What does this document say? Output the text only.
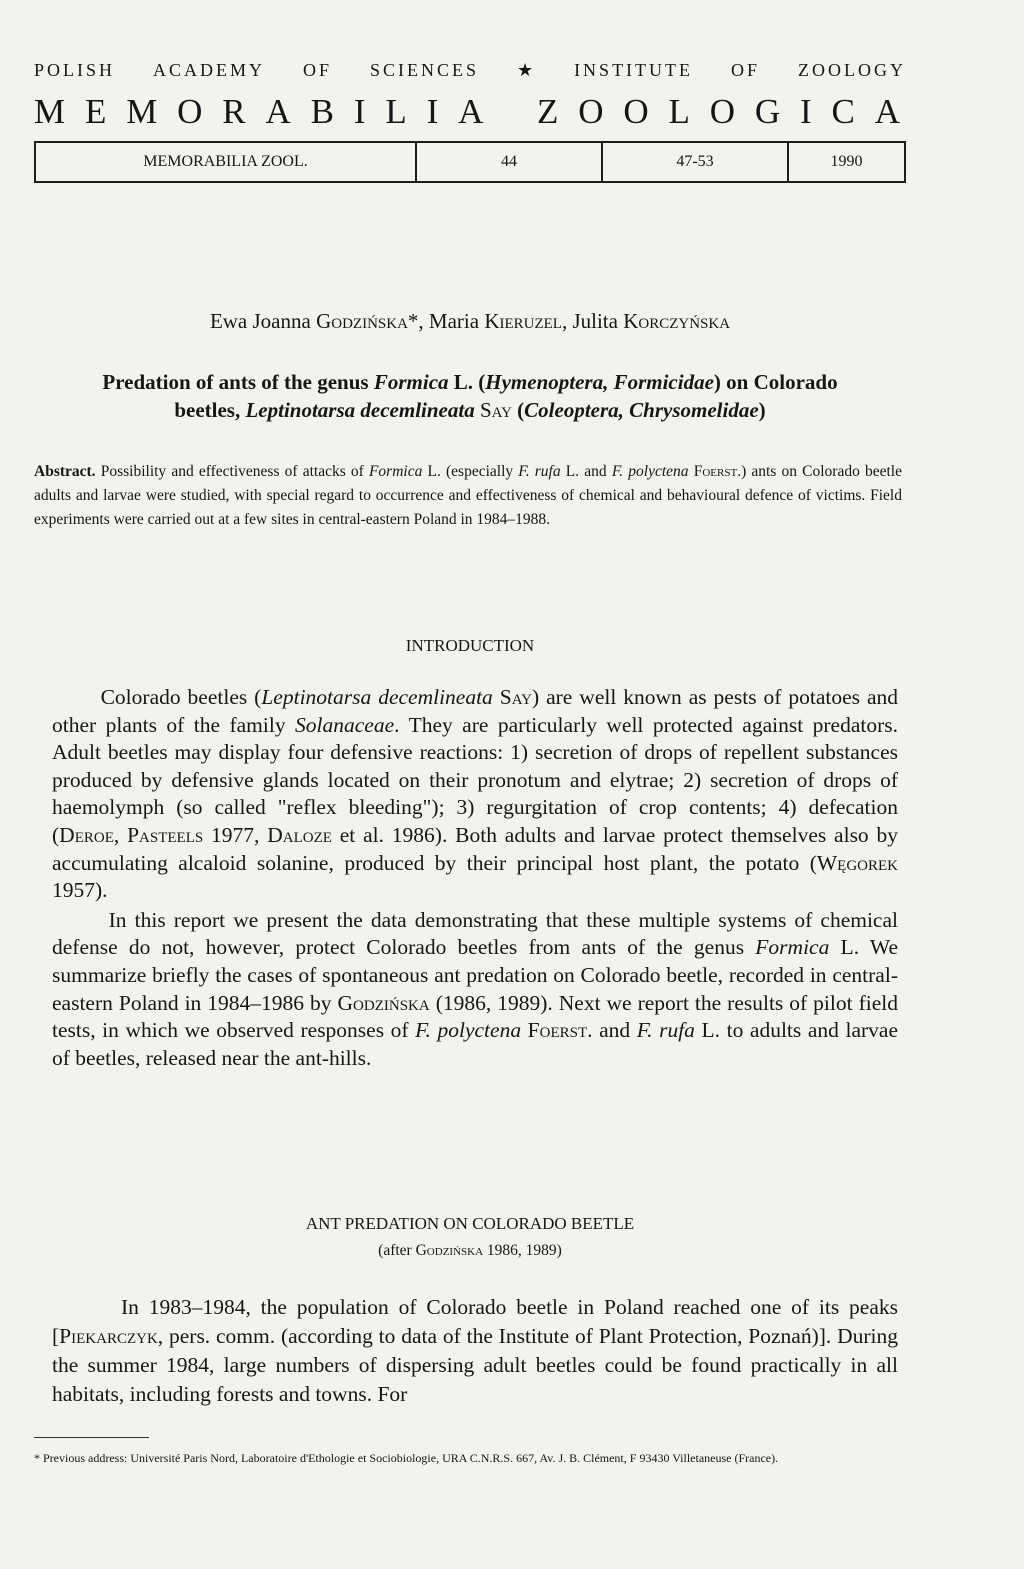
POLISH ACADEMY OF SCIENCES ★ INSTITUTE OF ZOOLOGY
M E M O R A B I L I A Z O O L O G I C A
MEMORABILIA ZOOL.	44	47-53	1990
Ewa Joanna Godzińska*, Maria Kieruzel, Julita Korczyńska
Predation of ants of the genus Formica L. (Hymenoptera, Formicidae) on Colorado
beetles, Leptinotarsa decemlineata Say (Coleoptera, Chrysomelidae)
Abstract. Possibility and effectiveness of attacks of Formica L. (especially F. rufa L. and F. polyctena Foerst.) ants on Colorado beetle adults and larvae were studied, with special regard to occurrence and effectiveness of chemical and behavioural defence of victims. Field experiments were carried out at a few sites in central-eastern Poland in 1984–1988.
INTRODUCTION

Colorado beetles (Leptinotarsa decemlineata Say) are well known as pests of potatoes and other plants of the family Solanaceae. They are particularly well protected against predators. Adult beetles may display four defensive reactions: 1) secretion of drops of repellent substances produced by defensive glands located on their pronotum and elytrae; 2) secretion of drops of haemolymph (so called "reflex bleeding"); 3) regurgitation of crop contents; 4) defecation (Deroe, Pasteels 1977, Daloze et al. 1986). Both adults and larvae protect themselves also by accumulating alcaloid solanine, produced by their principal host plant, the potato (Węgorek 1957).

In this report we present the data demonstrating that these multiple systems of chemical defense do not, however, protect Colorado beetles from ants of the genus Formica L. We summarize briefly the cases of spontaneous ant predation on Colorado beetle, recorded in central-eastern Poland in 1984–1986 by Godzińska (1986, 1989). Next we report the results of pilot field tests, in which we observed responses of F. polyctena Foerst. and F. rufa L. to adults and larvae of beetles, released near the ant-hills.

ANT PREDATION ON COLORADO BEETLE
(after Godzińska 1986, 1989)
In 1983–1984, the population of Colorado beetle in Poland reached one of its peaks [Piekarczyk, pers. comm. (according to data of the Institute of Plant Protection, Poznań)]. During the summer 1984, large numbers of dispersing adult beetles could be found practically in all habitats, including forests and towns. For
* Previous address: Université Paris Nord, Laboratoire d'Ethologie et Sociobiologie, URA C.N.R.S. 667, Av. J. B. Clément, F 93430 Villetaneuse (France).
